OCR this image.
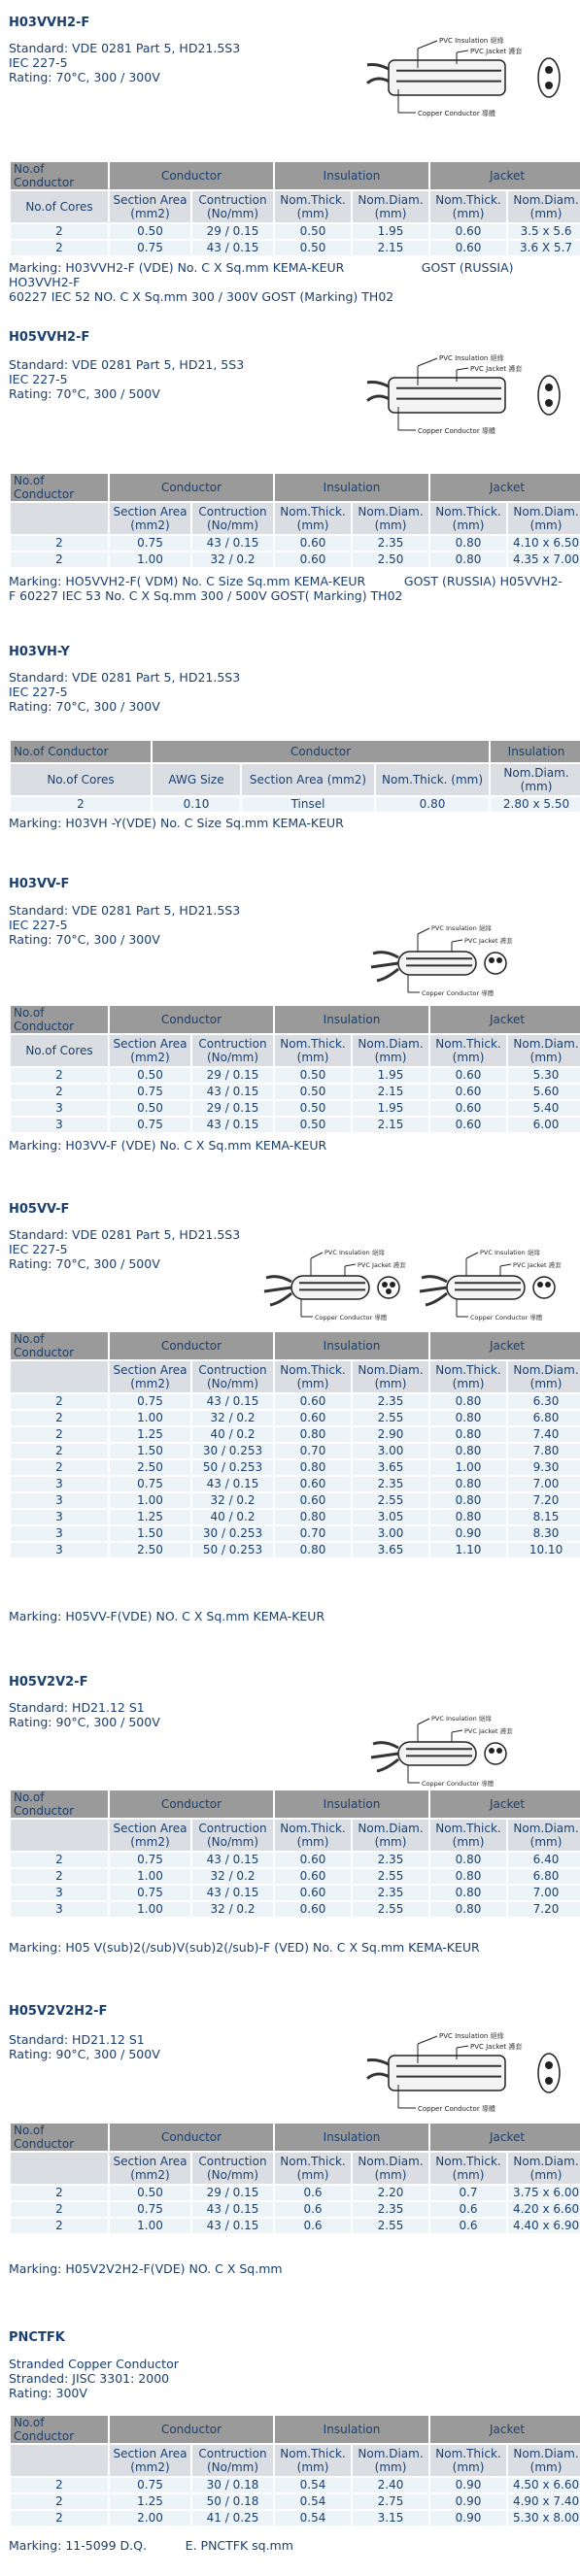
H03VVH2-F
Standard: VDE 0281 Part 5, HD21.5S3
IEC 227-5
Rating: 70°C, 300 / 300V
PVC Insulation 絕緣
PVC Jacket 護套
Copper Conductor 導體
No.of Conductor	Conductor		Insulation		Jacket	
No.of Cores	Section Area (mm2)	Contruction (No/mm)	Nom.Thick. (mm)	Nom.Diam. (mm)	Nom.Thick. (mm)	Nom.Diam. (mm)
2	0.50	29 / 0.15	0.50	1.95	0.60	3.5 x 5.6
2	0.75	43 / 0.15	0.50	2.15	0.60	3.6 X 5.7
Marking: H03VVH2-F (VDE) No. C X Sq.mm KEMA-KEUR                    GOST (RUSSIA) HO3VVH2-F
60227 IEC 52 NO. C X Sq.mm 300 / 300V GOST (Marking) TH02
H05VVH2-F
Standard: VDE 0281 Part 5, HD21, 5S3
IEC 227-5
Rating: 70°C, 300 / 500V
PVC Insulation 絕緣
PVC Jacket 護套
Copper Conductor 導體
No.of Conductor	Conductor		Insulation		Jacket	
	Section Area (mm2)	Contruction (No/mm)	Nom.Thick. (mm)	Nom.Diam. (mm)	Nom.Thick. (mm)	Nom.Diam. (mm)
2	0.75	43 / 0.15	0.60	2.35	0.80	4.10 x 6.50
2	1.00	32 / 0.2	0.60	2.50	0.80	4.35 x 7.00
Marking: HO5VVH2-F( VDM) No. C Size Sq.mm KEMA-KEUR          GOST (RUSSIA) H05VVH2-
F 60227 IEC 53 No. C X Sq.mm 300 / 500V GOST( Marking) TH02
H03VH-Y
Standard: VDE 0281 Part 5, HD21.5S3
IEC 227-5
Rating: 70°C, 300 / 300V
No.of Conductor	Conductor			Insulation
No.of Cores	AWG Size	Section Area (mm2)	Nom.Thick. (mm)	Nom.Diam. (mm)
2	0.10	Tinsel	0.80	2.80 x 5.50
Marking: H03VH -Y(VDE) No. C Size Sq.mm KEMA-KEUR
H03VV-F
Standard: VDE 0281 Part 5, HD21.5S3
IEC 227-5
Rating: 70°C, 300 / 300V
PVC Insulation 絕緣
PVC Jacket 護套
Copper Conductor 導體
No.of Conductor	Conductor		Insulation		Jacket	
No.of Cores	Section Area (mm2)	Contruction (No/mm)	Nom.Thick. (mm)	Nom.Diam. (mm)	Nom.Thick. (mm)	Nom.Diam. (mm)
2	0.50	29 / 0.15	0.50	1.95	0.60	5.30
2	0.75	43 / 0.15	0.50	2.15	0.60	5.60
3	0.50	29 / 0.15	0.50	1.95	0.60	5.40
3	0.75	43 / 0.15	0.50	2.15	0.60	6.00
Marking: H03VV-F (VDE) No. C X Sq.mm KEMA-KEUR
H05VV-F
Standard: VDE 0281 Part 5, HD21.5S3
IEC 227-5
Rating: 70°C, 300 / 500V
PVC Insulation 絕緣
PVC Jacket 護套
Copper Conductor 導體
PVC Insulation 絕緣
PVC Jacket 護套
Copper Conductor 導體
No.of Conductor	Conductor		Insulation		Jacket	
	Section Area (mm2)	Contruction (No/mm)	Nom.Thick. (mm)	Nom.Diam. (mm)	Nom.Thick. (mm)	Nom.Diam. (mm)
2	0.75	43 / 0.15	0.60	2.35	0.80	6.30
2	1.00	32 / 0.2	0.60	2.55	0.80	6.80
2	1.25	40 / 0.2	0.80	2.90	0.80	7.40
2	1.50	30 / 0.253	0.70	3.00	0.80	7.80
2	2.50	50 / 0.253	0.80	3.65	1.00	9.30
3	0.75	43 / 0.15	0.60	2.35	0.80	7.00
3	1.00	32 / 0.2	0.60	2.55	0.80	7.20
3	1.25	40 / 0.2	0.80	3.05	0.80	8.15
3	1.50	30 / 0.253	0.70	3.00	0.90	8.30
3	2.50	50 / 0.253	0.80	3.65	1.10	10.10
Marking: H05VV-F(VDE) NO. C X Sq.mm KEMA-KEUR
H05V2V2-F
Standard: HD21.12 S1
Rating: 90°C, 300 / 500V	PVC Insulation 絕緣
PVC Jacket 護套
Copper Conductor 導體
No.of Conductor	Conductor		Insulation		Jacket	
	Section Area (mm2)	Contruction (No/mm)	Nom.Thick. (mm)	Nom.Diam. (mm)	Nom.Thick. (mm)	Nom.Diam. (mm)
2	0.75	43 / 0.15	0.60	2.35	0.80	6.40
2	1.00	32 / 0.2	0.60	2.55	0.80	6.80
3	0.75	43 / 0.15	0.60	2.35	0.80	7.00
3	1.00	32 / 0.2	0.60	2.55	0.80	7.20
Marking: H05 V(sub)2(/sub)V(sub)2(/sub)-F (VED) No. C X Sq.mm KEMA-KEUR
H05V2V2H2-F
Standard: HD21.12 S1
Rating: 90°C, 300 / 500V
PVC Insulation 絕緣
PVC Jacket 護套
Copper Conductor 導體
No.of Conductor	Conductor		Insulation		Jacket	
	Section Area (mm2)	Contruction (No/mm)	Nom.Thick. (mm)	Nom.Diam. (mm)	Nom.Thick. (mm)	Nom.Diam. (mm)
2	0.50	29 / 0.15	0.6	2.20	0.7	3.75 x 6.00
2	0.75	43 / 0.15	0.6	2.35	0.6	4.20 x 6.60
2	1.00	43 / 0.15	0.6	2.55	0.6	4.40 x 6.90
Marking: H05V2V2H2-F(VDE) NO. C X Sq.mm
PNCTFK
Stranded Copper Conductor
Stranded: JISC 3301: 2000
Rating: 300V
No.of Conductor	Conductor		Insulation		Jacket	
	Section Area (mm2)	Contruction (No/mm)	Nom.Thick. (mm)	Nom.Diam. (mm)	Nom.Thick. (mm)	Nom.Diam. (mm)
2	0.75	30 / 0.18	0.54	2.40	0.90	4.50 x 6.60
2	1.25	50 / 0.18	0.54	2.75	0.90	4.90 x 7.40
2	2.00	41 / 0.25	0.54	3.15	0.90	5.30 x 8.00
Marking: 11-5099 D.Q.          E. PNCTFK sq.mm
